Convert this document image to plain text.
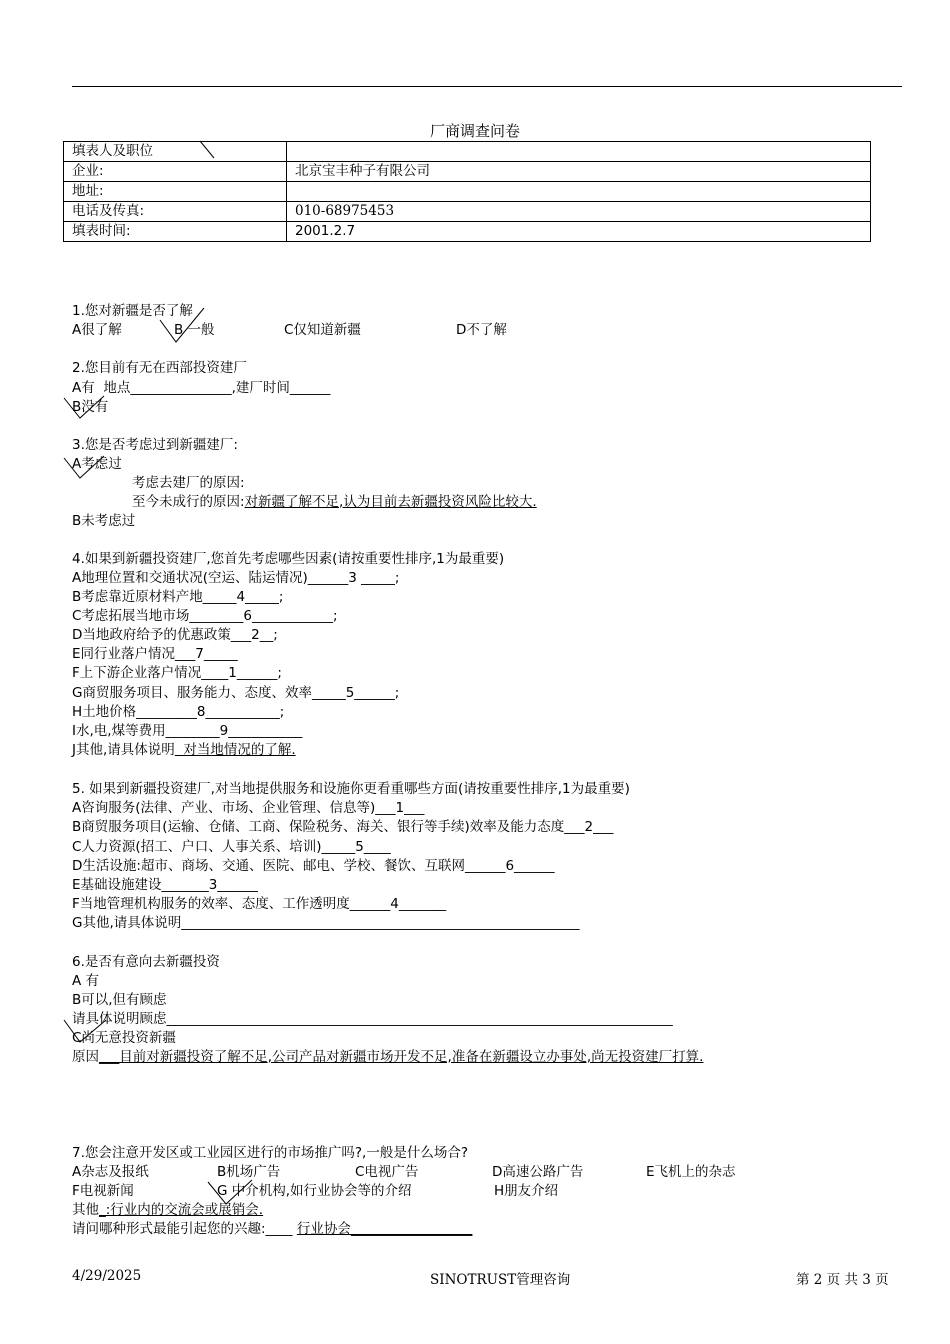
厂商调查问卷
填表人及职位	
企业:	北京宝丰种子有限公司
地址:	
电话及传真:	010-68975453
填表时间:	2001.2.7
1.您对新疆是否了解
A很了解	B 一般	C仅知道新疆	D不了解
2.您目前有无在西部投资建厂
A有  地点_______________,建厂时间______
B没有
3.您是否考虑过到新疆建厂:
A考虑过
考虑去建厂的原因:
至今未成行的原因:对新疆了解不足,认为目前去新疆投资风险比较大.
B未考虑过
4.如果到新疆投资建厂,您首先考虑哪些因素(请按重要性排序,1为最重要)
A地理位置和交通状况(空运、陆运情况)______3 _____;
B考虑靠近原材料产地_____4_____;
C考虑拓展当地市场________6____________;
D当地政府给予的优惠政策___2__;
E同行业落户情况___7_____
F上下游企业落户情况____1______;
G商贸服务项目、服务能力、态度、效率_____5______;
H土地价格_________8___________;
I水,电,煤等费用________9___________
J其他,请具体说明  对当地情况的了解.
5. 如果到新疆投资建厂,对当地提供服务和设施你更看重哪些方面(请按重要性排序,1为最重要)
A咨询服务(法律、产业、市场、企业管理、信息等)___1___
B商贸服务项目(运输、仓储、工商、保险税务、海关、银行等手续)效率及能力态度___2___
C人力资源(招工、户口、人事关系、培训)_____5____
D生活设施:超市、商场、交通、医院、邮电、学校、餐饮、互联网______6______
E基础设施建设_______3______
F当地管理机构服务的效率、态度、工作透明度______4_______
G其他,请具体说明___________________________________________________________
6.是否有意向去新疆投资
A 有
B可以,但有顾虑
请具体说明顾虑___________________________________________________________________________
C尚无意投资新疆
原因___目前对新疆投资了解不足,公司产品对新疆市场开发不足,准备在新疆设立办事处,尚无投资建厂打算.
7.您会注意开发区或工业园区进行的市场推广吗?,一般是什么场合?
A杂志及报纸	B机场广告	C电视广告	D高速公路广告	E飞机上的杂志
F电视新闻	G 中介机构,如行业协会等的介绍	H朋友介绍
其他_:行业内的交流会或展销会.
请问哪种形式最能引起您的兴趣:____ 行业协会__________________
4/29/2025	SINOTRUST管理咨询	第 2 页 共 3 页
